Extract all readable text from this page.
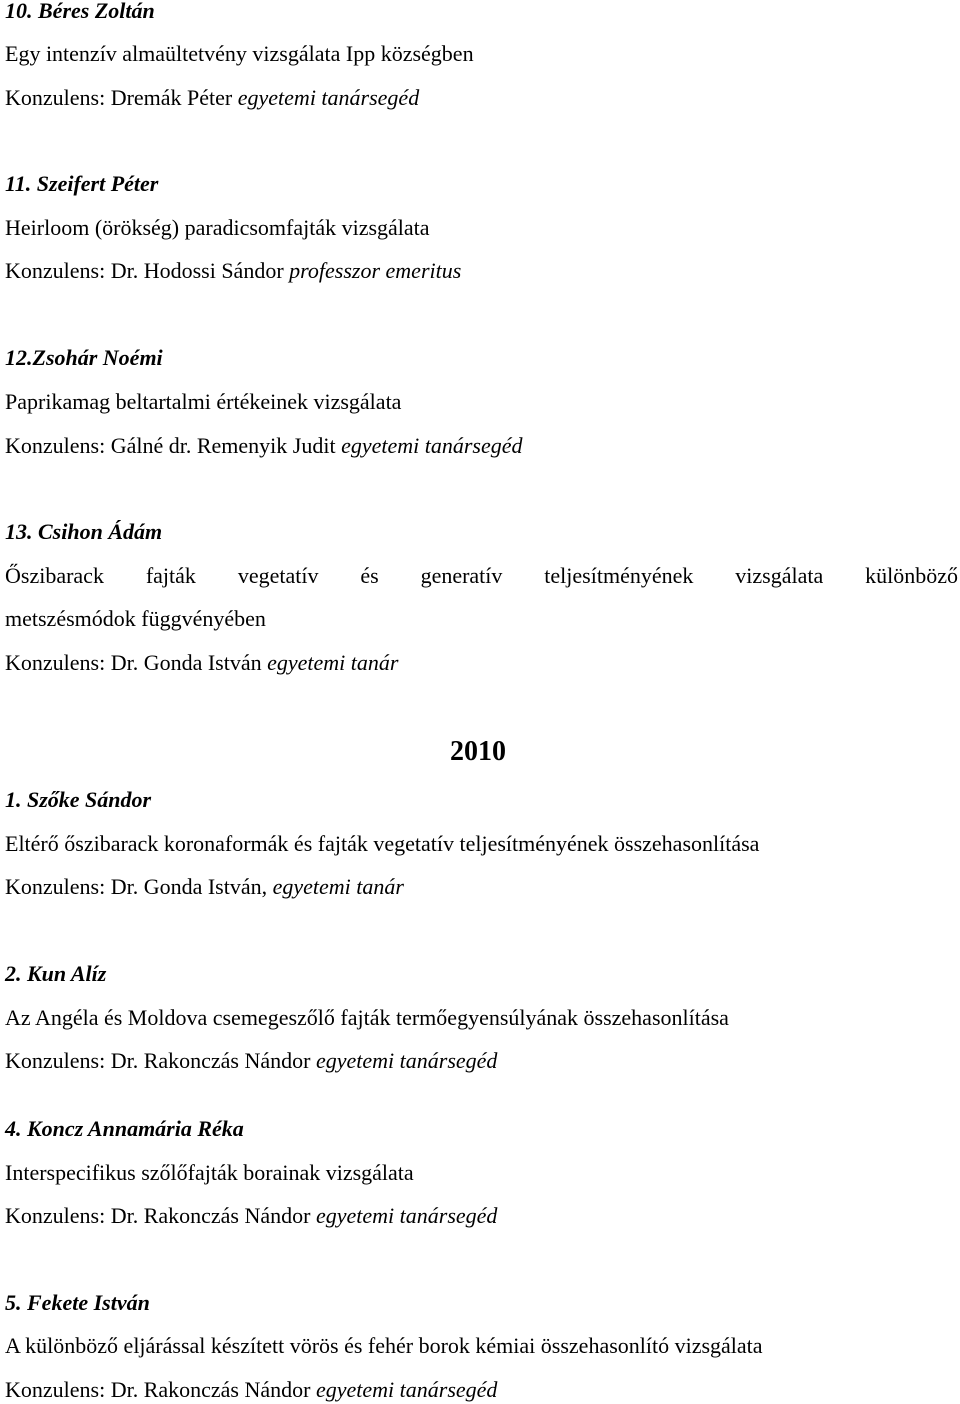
10. Béres Zoltán
Egy intenzív almaültetvény vizsgálata Ipp községben
Konzulens: Dremák Péter egyetemi tanársegéd
11. Szeifert Péter
Heirloom (örökség) paradicsomfajták vizsgálata
Konzulens: Dr. Hodossi Sándor professzor emeritus
12.Zsohár Noémi
Paprikamag beltartalmi értékeinek vizsgálata
Konzulens: Gálné dr. Remenyik Judit egyetemi tanársegéd
13. Csihon Ádám
Őszibarack fajták vegetatív és generatív teljesítményének vizsgálata különböző
metszésmódok függvényében
Konzulens: Dr. Gonda István egyetemi tanár
2010
1. Szőke Sándor
Eltérő őszibarack koronaformák és fajták vegetatív teljesítményének összehasonlítása
Konzulens: Dr. Gonda István, egyetemi tanár
2. Kun Alíz
Az Angéla és Moldova csemegeszőlő fajták termőegyensúlyának összehasonlítása
Konzulens: Dr. Rakonczás Nándor egyetemi tanársegéd
4. Koncz Annamária Réka
Interspecifikus szőlőfajták borainak vizsgálata
Konzulens: Dr. Rakonczás Nándor egyetemi tanársegéd
5. Fekete István
A különböző eljárással készített vörös és fehér borok kémiai összehasonlító vizsgálata
Konzulens: Dr. Rakonczás Nándor egyetemi tanársegéd
